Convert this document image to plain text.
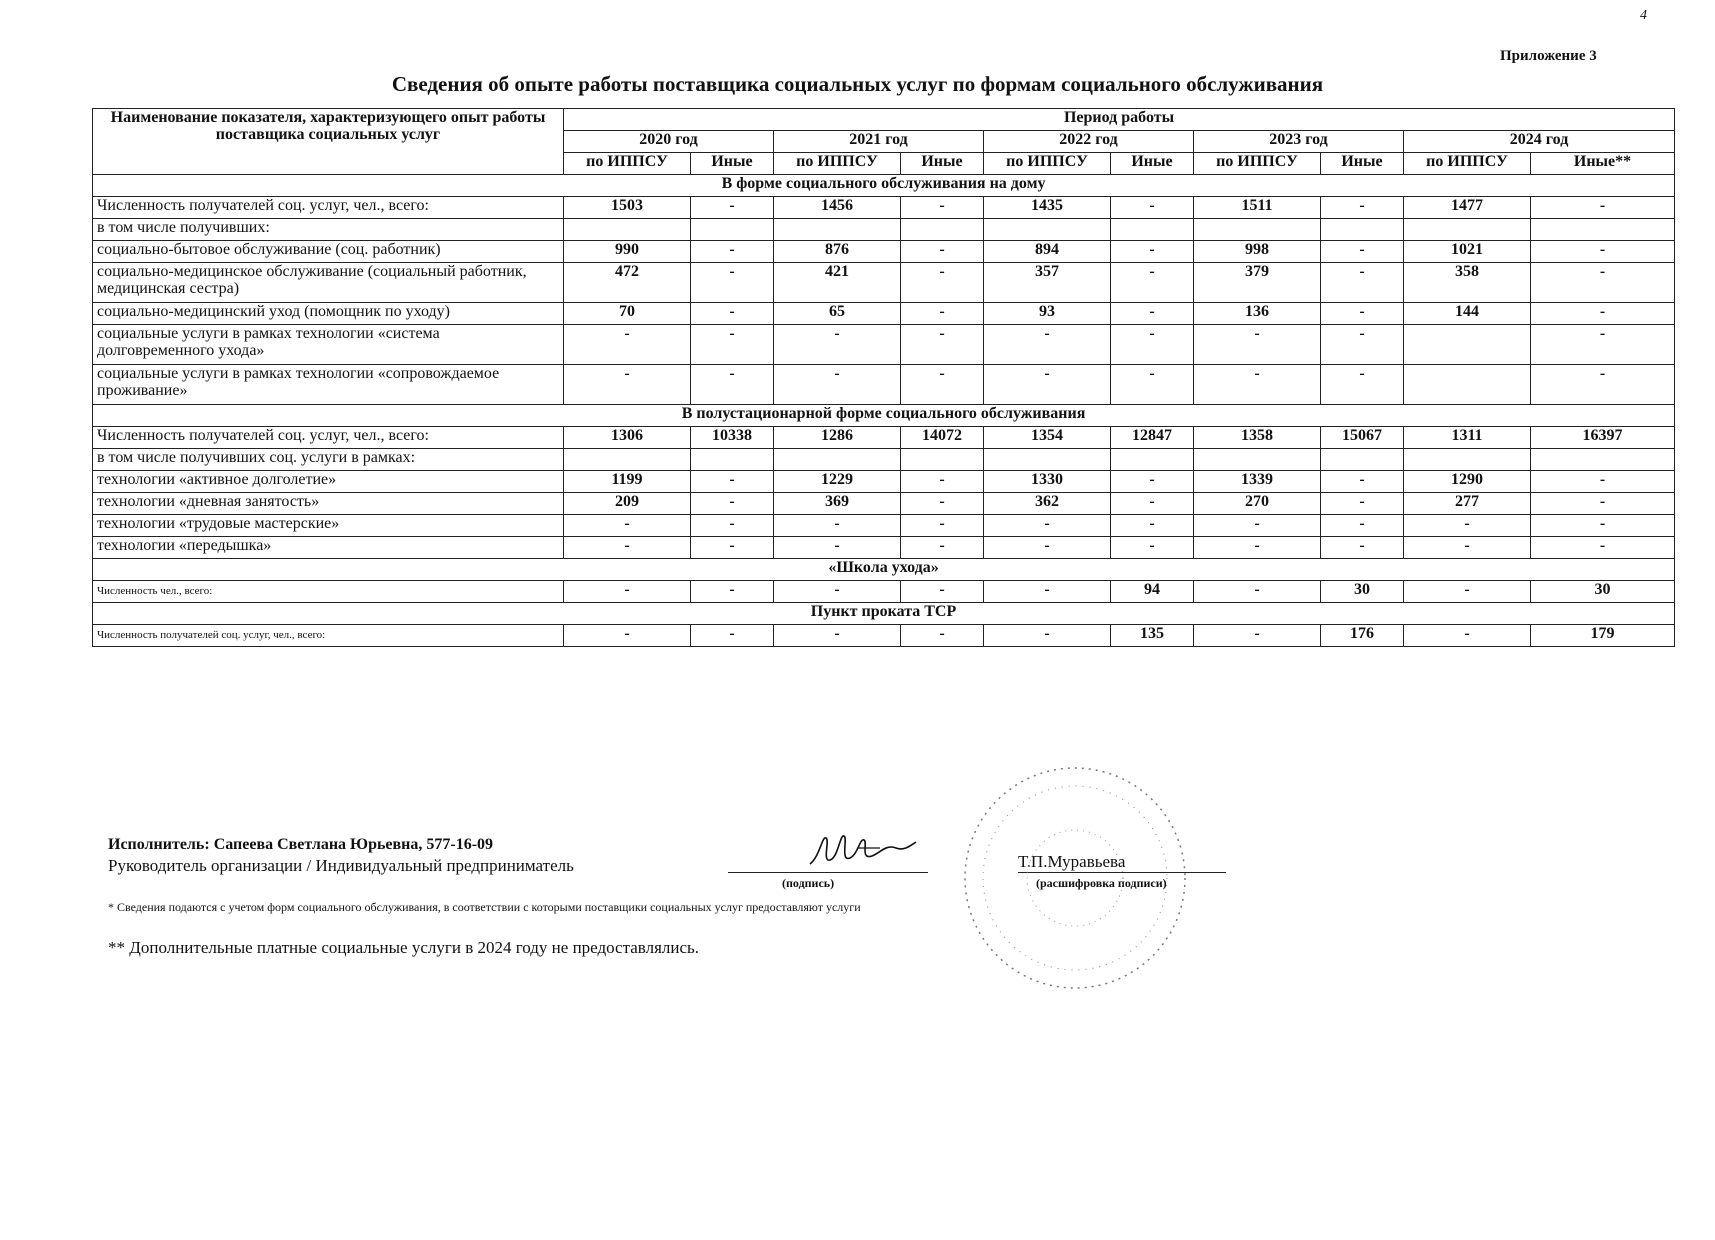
4
Приложение 3
Сведения об опыте работы поставщика социальных услуг по формам социального обслуживания
Наименование показателя, характеризующего опыт работы поставщика социальных услуг	Период работы									
	2020 год		2021 год		2022 год		2023 год		2024 год	
	по ИППСУ	Иные	по ИППСУ	Иные	по ИППСУ	Иные	по ИППСУ	Иные	по ИППСУ	Иные**
В форме социального обслуживания на дому										
Численность получателей соц. услуг, чел., всего:	1503	-	1456	-	1435	-	1511	-	1477	-
в том числе получивших:										
социально-бытовое обслуживание (соц. работник)	990	-	876	-	894	-	998	-	1021	-
социально-медицинское обслуживание (социальный работник, медицинская сестра)	472	-	421	-	357	-	379	-	358	-
социально-медицинский уход (помощник по уходу)	70	-	65	-	93	-	136	-	144	-
социальные услуги в рамках технологии «система долговременного ухода»	-	-	-	-	-	-	-	-		-
социальные услуги в рамках технологии «сопровождаемое проживание»	-	-	-	-	-	-	-	-		-
В полустационарной форме социального обслуживания										
Численность получателей соц. услуг, чел., всего:	1306	10338	1286	14072	1354	12847	1358	15067	1311	16397
в том числе получивших соц. услуги в рамках:										
технологии «активное долголетие»	1199	-	1229	-	1330	-	1339	-	1290	-
технологии «дневная занятость»	209	-	369	-	362	-	270	-	277	-
технологии «трудовые мастерские»	-	-	-	-	-	-	-	-	-	-
технологии «передышка»	-	-	-	-	-	-	-	-	-	-
«Школа ухода»										
Численность чел., всего:	-	-	-	-	-	94	-	30	-	30
Пункт проката ТСР										
Численность получателей соц. услуг, чел., всего:	-	-	-	-	-	135	-	176	-	179
Исполнитель: Сапеева Светлана Юрьевна, 577-16-09
Руководитель организации / Индивидуальный предприниматель
(подпись)
Т.П.Муравьева
(расшифровка подписи)
* Сведения подаются с учетом форм социального обслуживания, в соответствии с которыми поставщики социальных услуг предоставляют услуги
** Дополнительные платные социальные услуги в 2024 году не предоставлялись.
